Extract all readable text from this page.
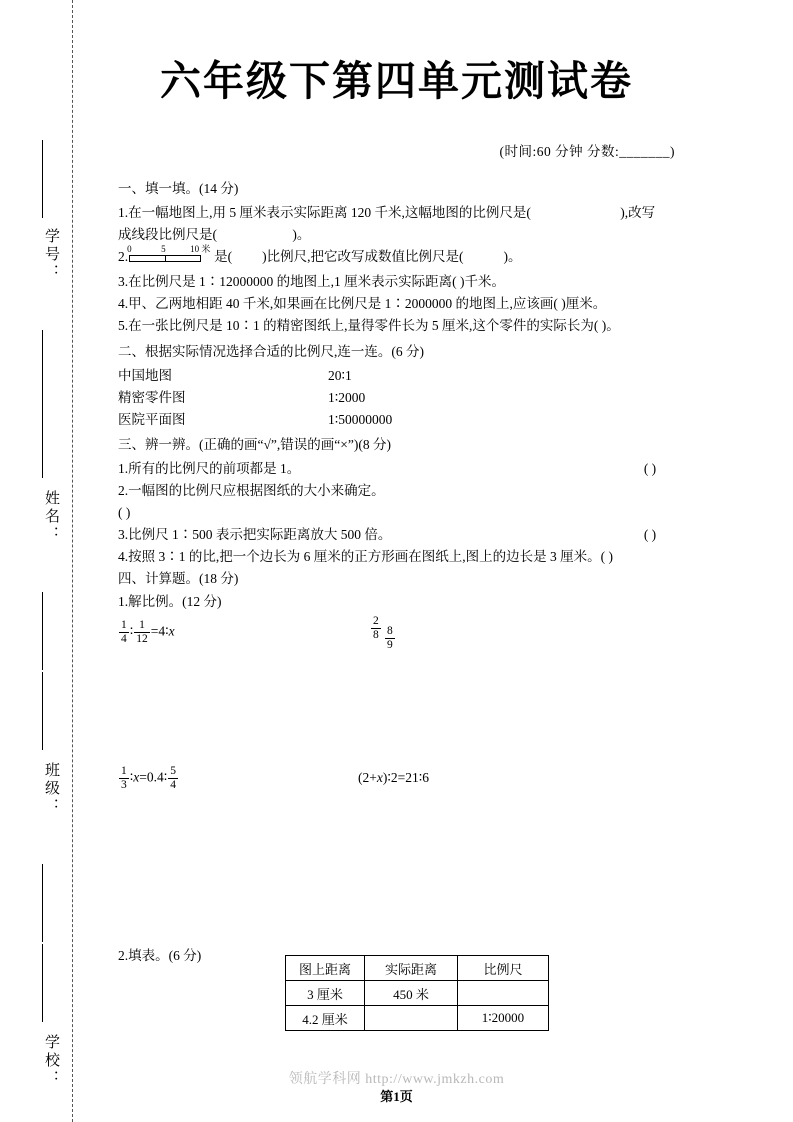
学号：
姓名：
班级：
学校：
六年级下第四单元测试卷
(时间:60 分钟 分数:_______)

一、填一填。(14 分)

1.在一幅地图上,用 5 厘米表示实际距离 120 千米,这幅地图的比例尺是(	),改写
成线段比例尺是(	)。

2. 0	5	10 米 是( )比例尺,把它改写成数值比例尺是(	)。

3.在比例尺是 1∶12000000 的地图上,1 厘米表示实际距离( )千米。

4.甲、乙两地相距 40 千米,如果画在比例尺是 1∶2000000 的地图上,应该画( )厘米。

5.在一张比例尺是 10∶1 的精密图纸上,量得零件长为 5 厘米,这个零件的实际长为( )。

二、根据实际情况选择合适的比例尺,连一连。(6 分)

中国地图	20∶1
精密零件图	1∶2000
医院平面图	1∶50000000

三、辨一辨。(正确的画“√”,错误的画“×”)(8 分)

1.所有的比例尺的前项都是 1。	( )
2.一幅图的比例尺应根据图纸的大小来确定。
( )
3.比例尺 1∶500 表示把实际距离放大 500 倍。	( )
4.按照 3∶1 的比,把一个边长为 6 厘米的正方形画在图纸上,图上的边长是 3 厘米。( )

四、计算题。(18 分)

1.解比例。(12 分)

$\frac{1}{4}$ ∶ $\frac{1}{12}$ =4∶x	$\frac{2}{8} \frac{8}{9}$
$\frac{1}{3}$ ∶x=0.4∶ $\frac{5}{4}$	(2+x)∶2=21∶6

2.填表。(6 分)

图上距离	实际距离	比例尺
3 厘米	450 米	
4.2 厘米		1∶20000
领航学科网 http://www.jmkzh.com
第1页
